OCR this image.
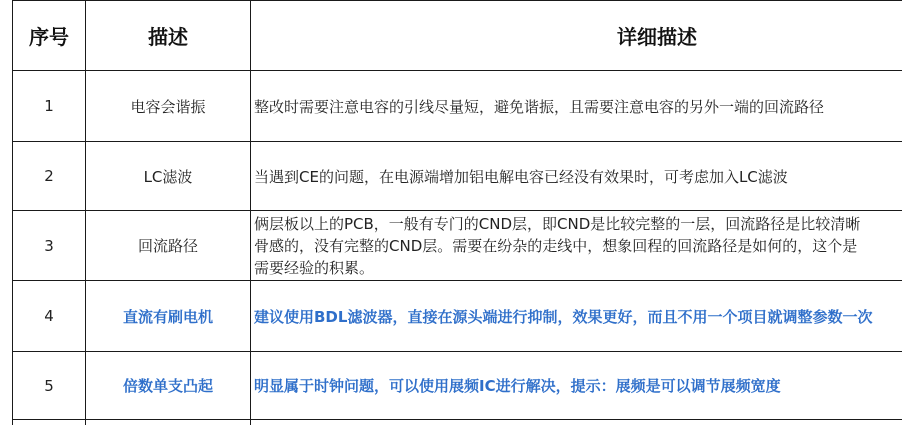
序号	描述	详细描述
1	电容会谐振	整改时需要注意电容的引线尽量短，避免谐振，且需要注意电容的另外一端的回流路径
2	LC滤波	当遇到CE的问题，在电源端增加铝电解电容已经没有效果时，可考虑加入LC滤波
3	回流路径	俩层板以上的PCB，一般有专门的CND层，即CND是比较完整的一层，回流路径是比较清晰
骨感的，没有完整的CND层。需要在纷杂的走线中，想象回程的回流路径是如何的，这个是
需要经验的积累。

4	直流有刷电机	建议使用BDL滤波器，直接在源头端进行抑制，效果更好，而且不用一个项目就调整参数一次
5	倍数单支凸起	明显属于时钟问题，可以使用展频IC进行解决，提示：展频是可以调节展频宽度
